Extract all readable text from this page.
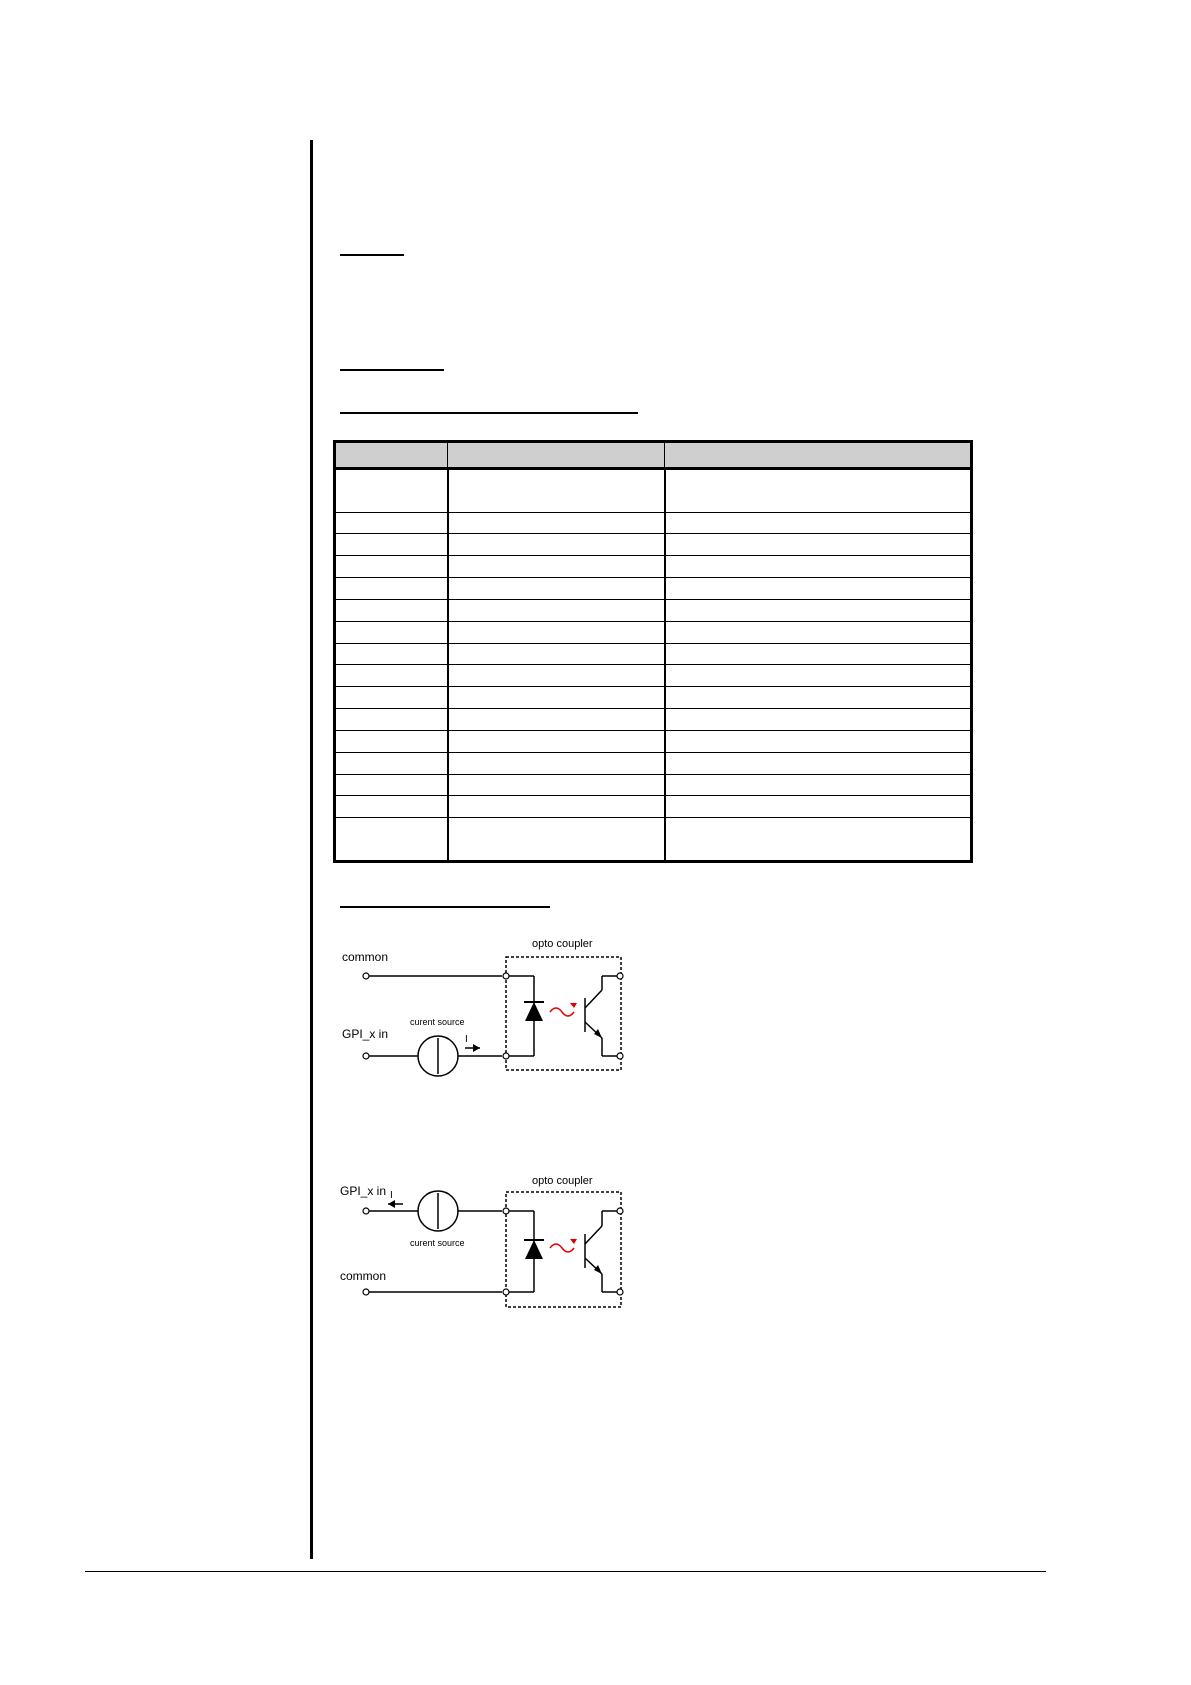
common
GPI_x in
curent source
I
opto coupler
GPI_x in
common
curent source
I
opto coupler
